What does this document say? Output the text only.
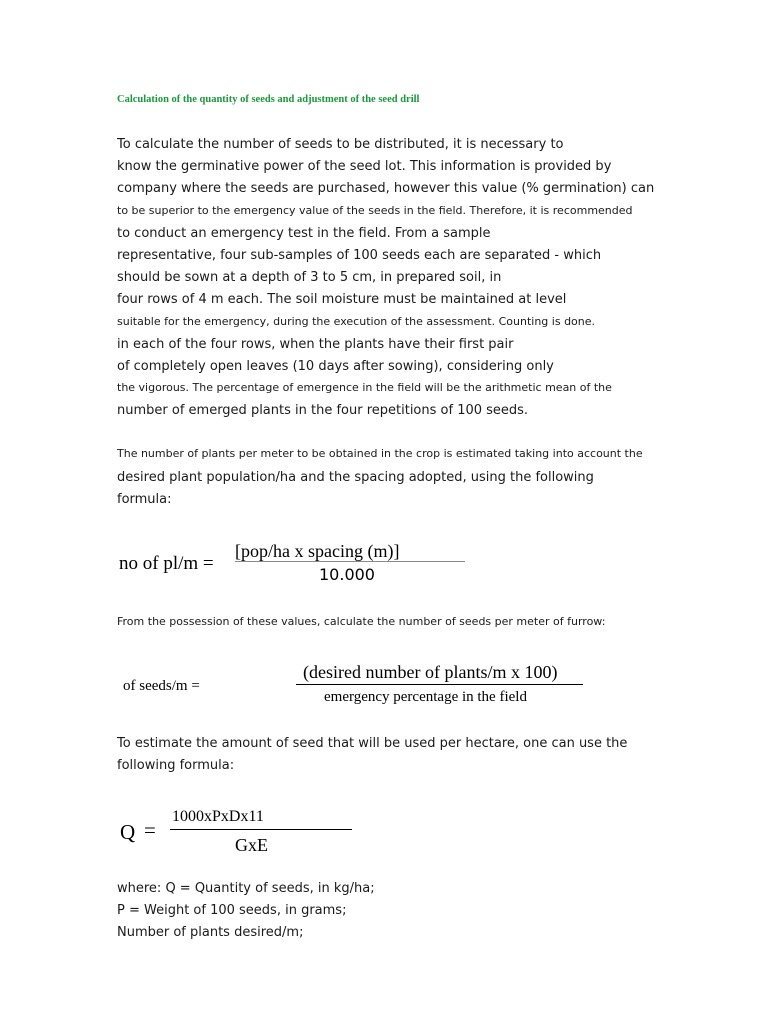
Calculation of the quantity of seeds and adjustment of the seed drill
To calculate the number of seeds to be distributed, it is necessary to
know the germinative power of the seed lot. This information is provided by
company where the seeds are purchased, however this value (% germination) can
to be superior to the emergency value of the seeds in the field. Therefore, it is recommended
to conduct an emergency test in the field. From a sample
representative, four sub-samples of 100 seeds each are separated - which
should be sown at a depth of 3 to 5 cm, in prepared soil, in
four rows of 4 m each. The soil moisture must be maintained at level
suitable for the emergency, during the execution of the assessment. Counting is done.
in each of the four rows, when the plants have their first pair
of completely open leaves (10 days after sowing), considering only
the vigorous. The percentage of emergence in the field will be the arithmetic mean of the
number of emerged plants in the four repetitions of 100 seeds.
The number of plants per meter to be obtained in the crop is estimated taking into account the
desired plant population/ha and the spacing adopted, using the following
formula:
no of pl/m =
[pop/ha x spacing (m)]
10.000
From the possession of these values, calculate the number of seeds per meter of furrow:
of seeds/m =
(desired number of plants/m x 100)
emergency percentage in the field
To estimate the amount of seed that will be used per hectare, one can use the
following formula:
Q =
1000xPxDx11
GxE
where: Q = Quantity of seeds, in kg/ha;
P = Weight of 100 seeds, in grams;
Number of plants desired/m;
